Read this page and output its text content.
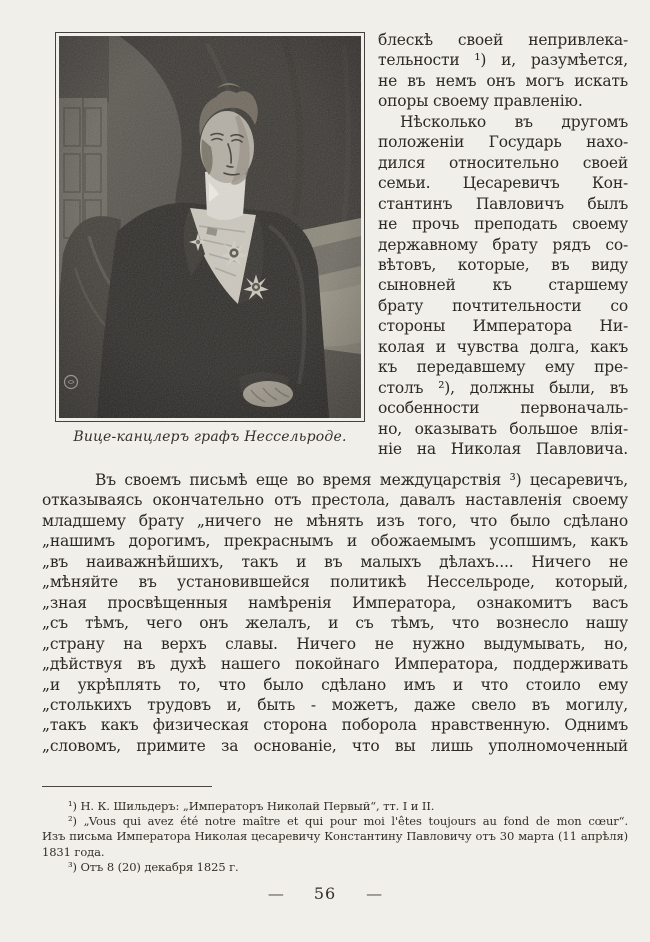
Вице-канцлеръ графъ Нессельроде.
блескѣ своей непривлека-
тельности ¹) и, разумѣется,
не въ немъ онъ могъ искать
опоры своему правленію.
Нѣсколько въ другомъ
положеніи Государь нахо-
дился относительно своей
семьи. Цесаревичъ Кон-
стантинъ Павловичъ былъ
не прочь преподать своему
державному брату рядъ со-
вѣтовъ, которые, въ виду
сыновней къ старшему
брату почтительности со
стороны Императора Ни-
колая и чувства долга, какъ
къ передавшему ему пре-
столъ ²), должны были, въ
особенности первоначаль-
но, оказывать большое влія-
ніе на Николая Павловича.
Въ своемъ письмѣ еще во время междуцарствія ³) цесаревичъ,
отказываясь окончательно отъ престола, давалъ наставленія своему
младшему брату „ничего не мѣнять изъ того, что было сдѣлано
„нашимъ дорогимъ, прекраснымъ и обожаемымъ усопшимъ, какъ
„въ наиважнѣйшихъ, такъ и въ малыхъ дѣлахъ.... Ничего не
„мѣняйте въ установившейся политикѣ Нессельроде, который,
„зная просвѣщенныя намѣренія Императора, ознакомитъ васъ
„съ тѣмъ, чего онъ желалъ, и съ тѣмъ, что вознесло нашу
„страну на верхъ славы. Ничего не нужно выдумывать, но,
„дѣйствуя въ духѣ нашего покойнаго Императора, поддерживать
„и укрѣплять то, что было сдѣлано имъ и что стоило ему
„столькихъ трудовъ и, быть - можетъ, даже свело въ могилу,
„такъ какъ физическая сторона поборола нравственную. Однимъ
„словомъ, примите за основаніе, что вы лишь уполномоченный
¹) Н. К. Шильдеръ: „Императоръ Николай Первый“, тт. I и II.
²) „Vous qui avez été notre maître et qui pour moi l'êtes toujours au fond de mon cœur“.
Изъ письма Императора Николая цесаревичу Константину Павловичу отъ 30 марта (11 апрѣля)
1831 года.
³) Отъ 8 (20) декабря 1825 г.
— 56 —
